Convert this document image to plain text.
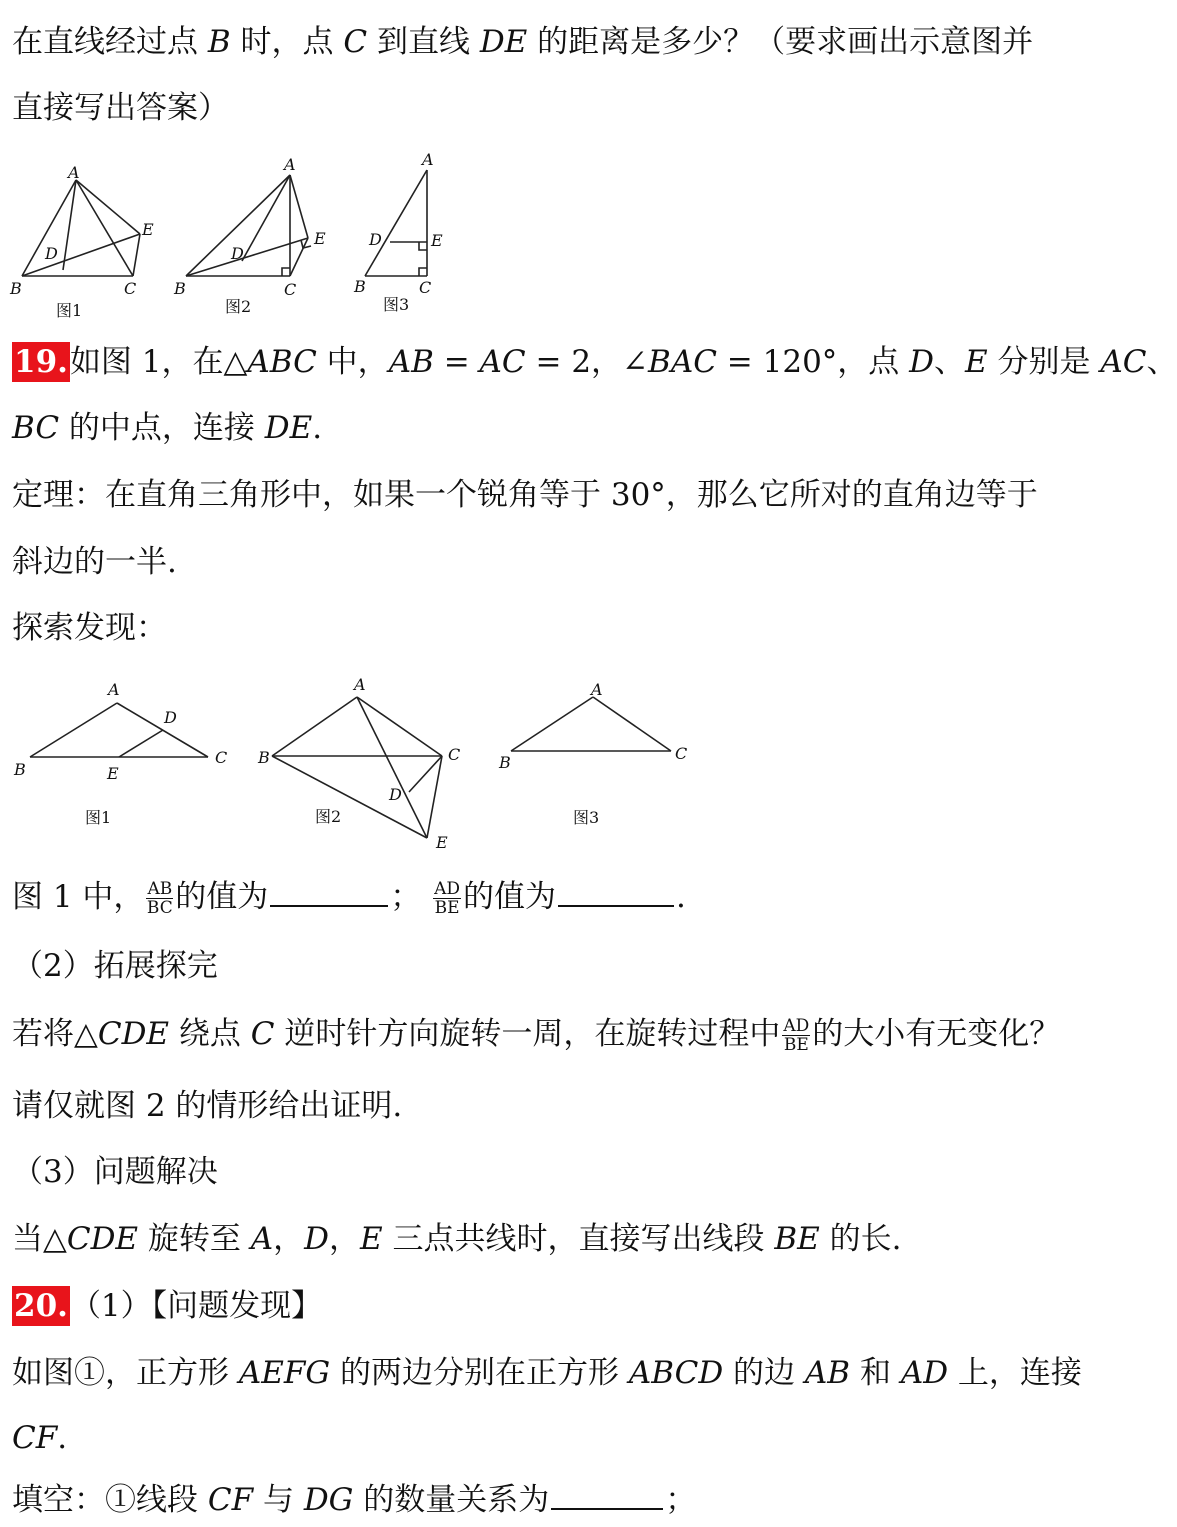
在直线经过点 B 时，点 C 到直线 DE 的距离是多少？（要求画出示意图并
直接写出答案）
A
B	C
D
E
图1
A
B	C
D
E
图2
A
B	C
D	E
图3
19.如图 1，在△ABC 中，AB = AC = 2，∠BAC = 120°，点 D、E 分别是 AC、
BC 的中点，连接 DE.
定理：在直角三角形中，如果一个锐角等于 30°，那么它所对的直角边等于
斜边的一半.
探索发现：
A
B
C
D
E
图1
A
B	C
D
E
图2
A
B	C
图3
图 1 中， $\frac{AB}{BC}$ 的值为	； $\frac{AD}{BE}$ 的值为	.
（2）拓展探完
若将△CDE 绕点 C 逆时针方向旋转一周，在旋转过程中 $\frac{AD}{BE}$ 的大小有无变化？
请仅就图 2 的情形给出证明.
（3）问题解决
当△CDE 旋转至 A，D，E 三点共线时，直接写出线段 BE 的长.
20.（1）【问题发现】
如图①，正方形 AEFG 的两边分别在正方形 ABCD 的边 AB 和 AD 上，连接
CF.
填空：①线段 CF 与 DG 的数量关系为	；
